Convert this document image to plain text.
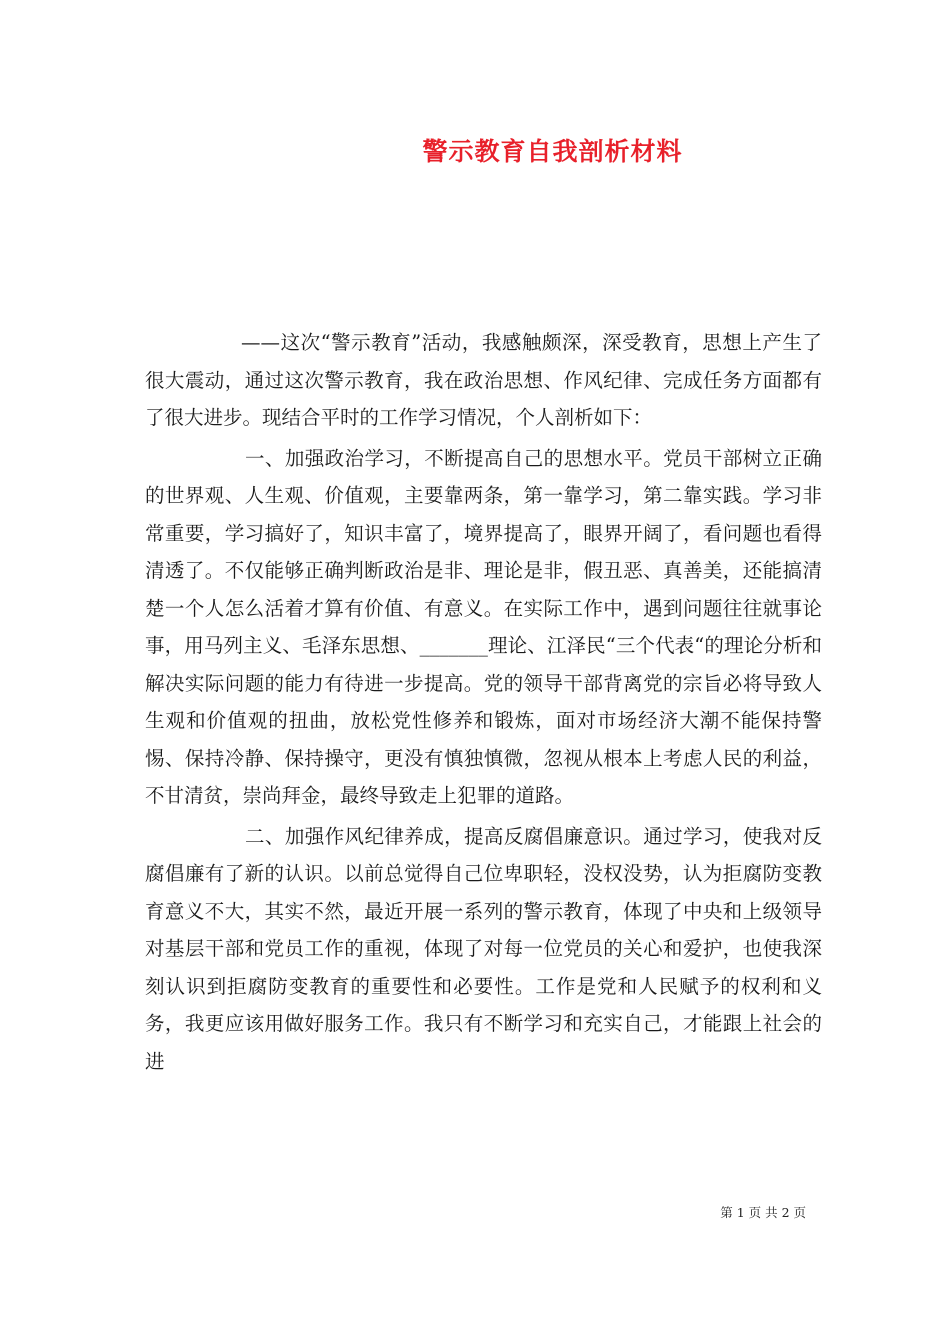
警示教育自我剖析材料

——这次“警示教育”活动，我感触颇深，深受教育，思想上产生了很大震动，通过这次警示教育，我在政治思想、作风纪律、完成任务方面都有了很大进步。现结合平时的工作学习情况，个人剖析如下：

一、加强政治学习，不断提高自己的思想水平。党员干部树立正确的世界观、人生观、价值观，主要靠两条，第一靠学习，第二靠实践。学习非常重要，学习搞好了，知识丰富了，境界提高了，眼界开阔了，看问题也看得清透了。不仅能够正确判断政治是非、理论是非，假丑恶、真善美，还能搞清楚一个人怎么活着才算有价值、有意义。在实际工作中，遇到问题往往就事论事，用马列主义、毛泽东思想、_______理论、江泽民“三个代表“的理论分析和解决实际问题的能力有待进一步提高。党的领导干部背离党的宗旨必将导致人生观和价值观的扭曲，放松党性修养和锻炼，面对市场经济大潮不能保持警惕、保持冷静、保持操守，更没有慎独慎微，忽视从根本上考虑人民的利益，不甘清贫，崇尚拜金，最终导致走上犯罪的道路。

二、加强作风纪律养成，提高反腐倡廉意识。通过学习，使我对反腐倡廉有了新的认识。以前总觉得自己位卑职轻，没权没势，认为拒腐防变教育意义不大，其实不然，最近开展一系列的警示教育，体现了中央和上级领导对基层干部和党员工作的重视，体现了对每一位党员的关心和爱护，也使我深刻认识到拒腐防变教育的重要性和必要性。工作是党和人民赋予的权利和义务，我更应该用做好服务工作。我只有不断学习和充实自己，才能跟上社会的进

第 1 页 共 2 页
